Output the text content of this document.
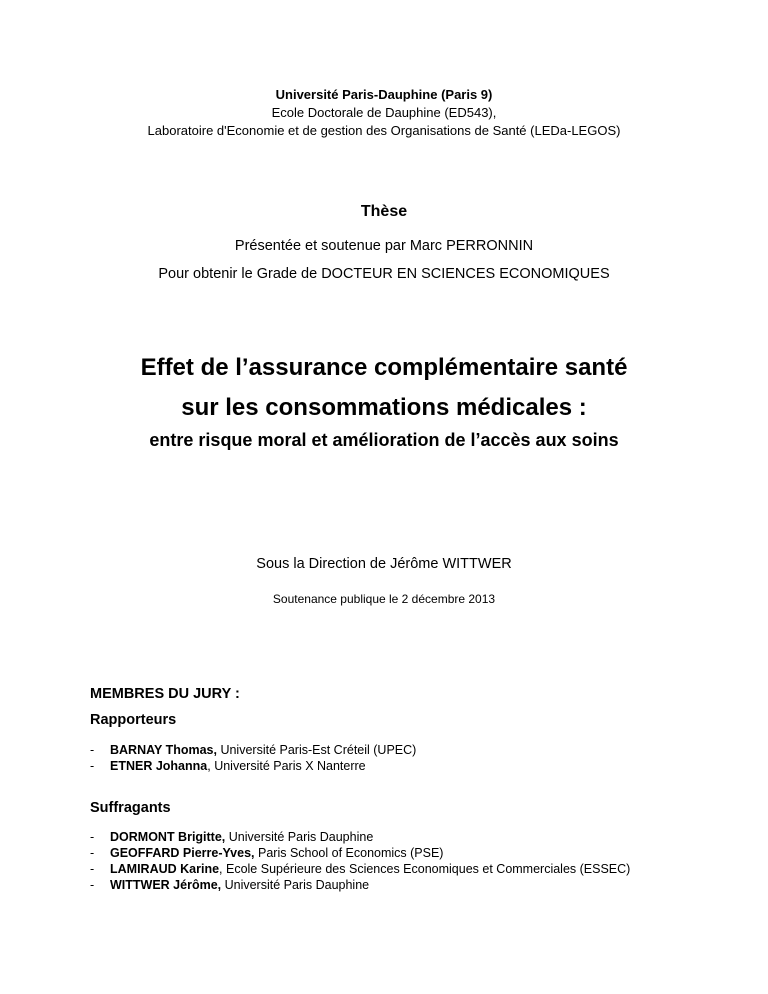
Université Paris-Dauphine (Paris 9)
Ecole Doctorale de Dauphine (ED543),
Laboratoire d'Economie et de gestion des Organisations de Santé (LEDa-LEGOS)
Thèse
Présentée et soutenue par Marc PERRONNIN
Pour obtenir le Grade de DOCTEUR EN SCIENCES ECONOMIQUES
Effet de l’assurance complémentaire santé
sur les consommations médicales :
entre risque moral et amélioration de l’accès aux soins
Sous la Direction de Jérôme WITTWER
Soutenance publique le 2 décembre 2013
MEMBRES DU JURY :
Rapporteurs
- BARNAY Thomas, Université Paris-Est Créteil (UPEC)
- ETNER Johanna, Université Paris X Nanterre
Suffragants
- DORMONT Brigitte, Université Paris Dauphine
- GEOFFARD Pierre-Yves, Paris School of Economics (PSE)
- LAMIRAUD Karine, Ecole Supérieure des Sciences Economiques et Commerciales (ESSEC)
- WITTWER Jérôme, Université Paris Dauphine
